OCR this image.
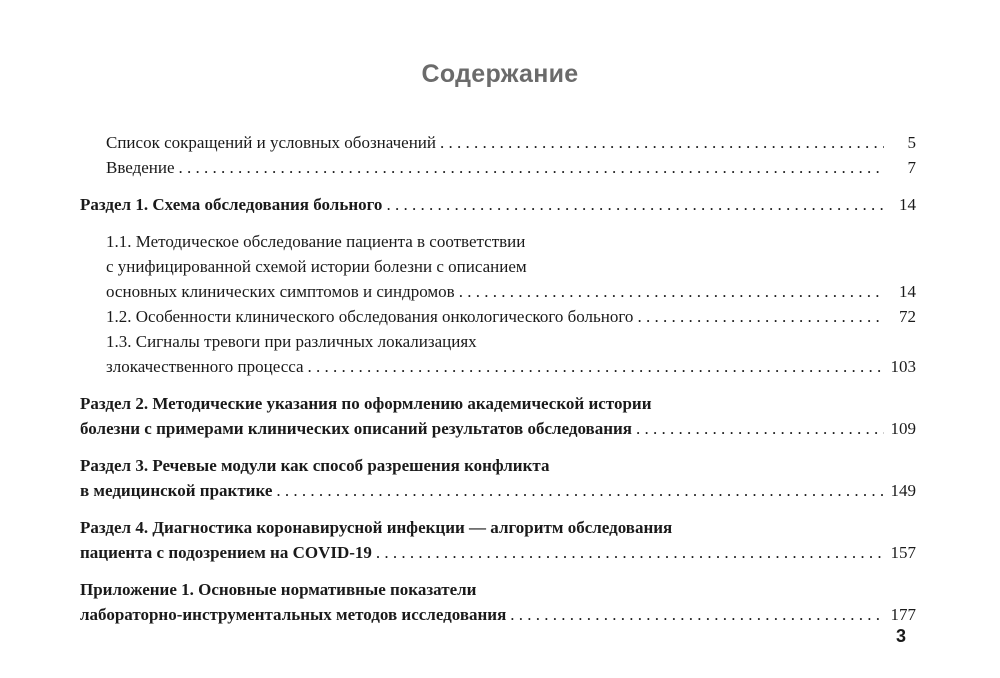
Содержание
Список сокращений и условных обозначений . . .	5
Введение . . .	7
Раздел 1. Схема обследования больного . . .	14
1.1. Методическое обследование пациента в соответствии
с унифицированной схемой истории болезни с описанием
основных клинических симптомов и синдромов . . .	14
1.2. Особенности клинического обследования онкологического больного . . .	72
1.3. Сигналы тревоги при различных локализациях
злокачественного процесса . . .	103
Раздел 2. Методические указания по оформлению академической истории
болезни с примерами клинических описаний результатов обследования . . .	109
Раздел 3. Речевые модули как способ разрешения конфликта
в медицинской практике . . .	149
Раздел 4. Диагностика коронавирусной инфекции — алгоритм обследования
пациента с подозрением на COVID-19 . . .	157
Приложение 1. Основные нормативные показатели
лабораторно-инструментальных методов исследования . . .	177
3
